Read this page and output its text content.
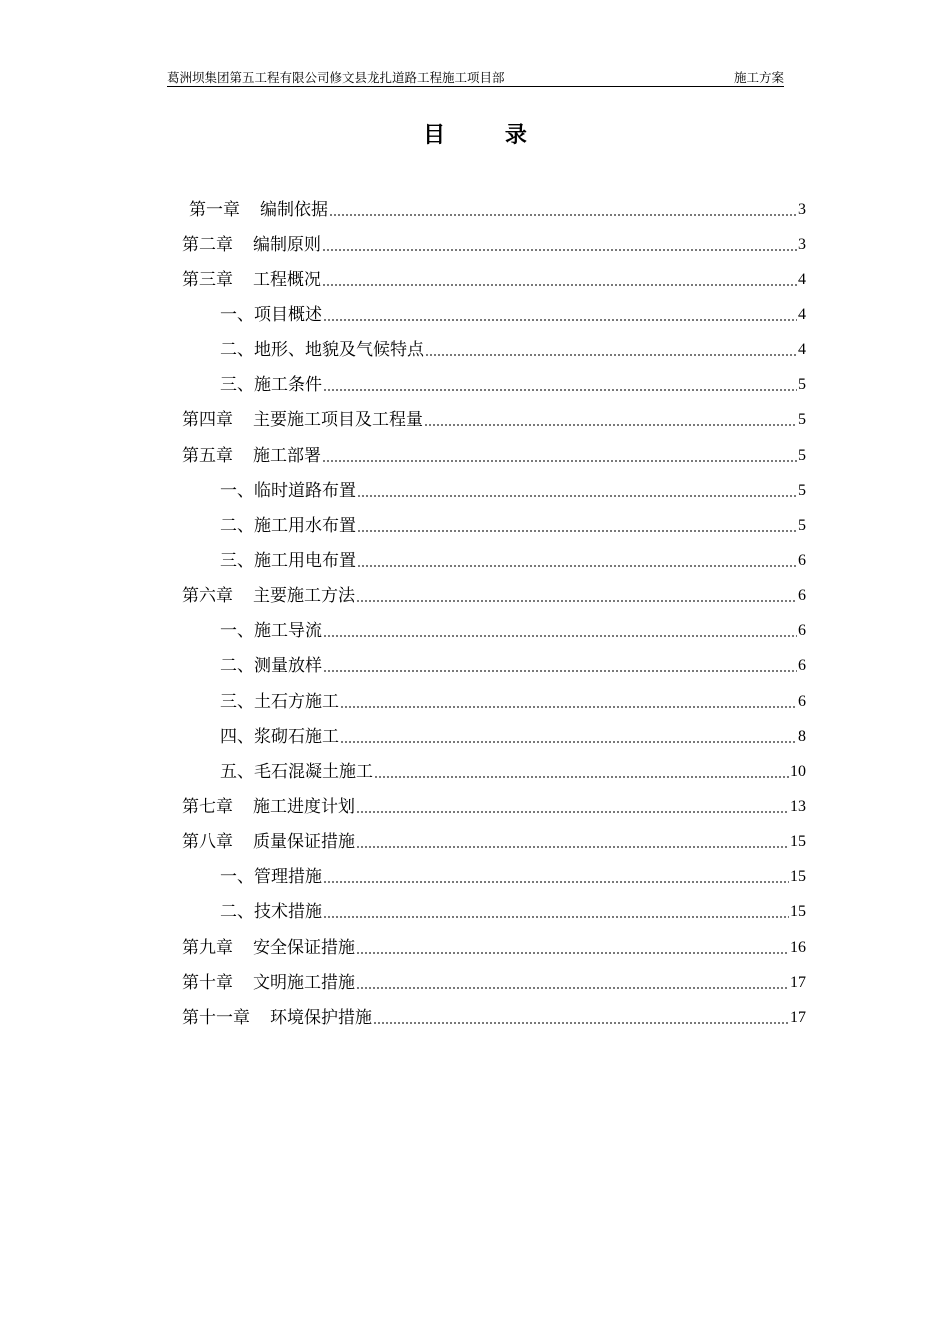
葛洲坝集团第五工程有限公司修文县龙扎道路工程施工项目部	施工方案
目 录
第一章 编制依据	3
第二章 编制原则	3
第三章 工程概况	4
一、项目概述	4
二、地形、地貌及气候特点	4
三、施工条件	5
第四章 主要施工项目及工程量	5
第五章 施工部署	5
一、临时道路布置	5
二、施工用水布置	5
三、施工用电布置	6
第六章 主要施工方法	6
一、施工导流	6
二、测量放样	6
三、土石方施工	6
四、浆砌石施工	8
五、毛石混凝土施工	10
第七章 施工进度计划	13
第八章 质量保证措施	15
一、管理措施	15
二、技术措施	15
第九章 安全保证措施	16
第十章 文明施工措施	17
第十一章 环境保护措施	17
